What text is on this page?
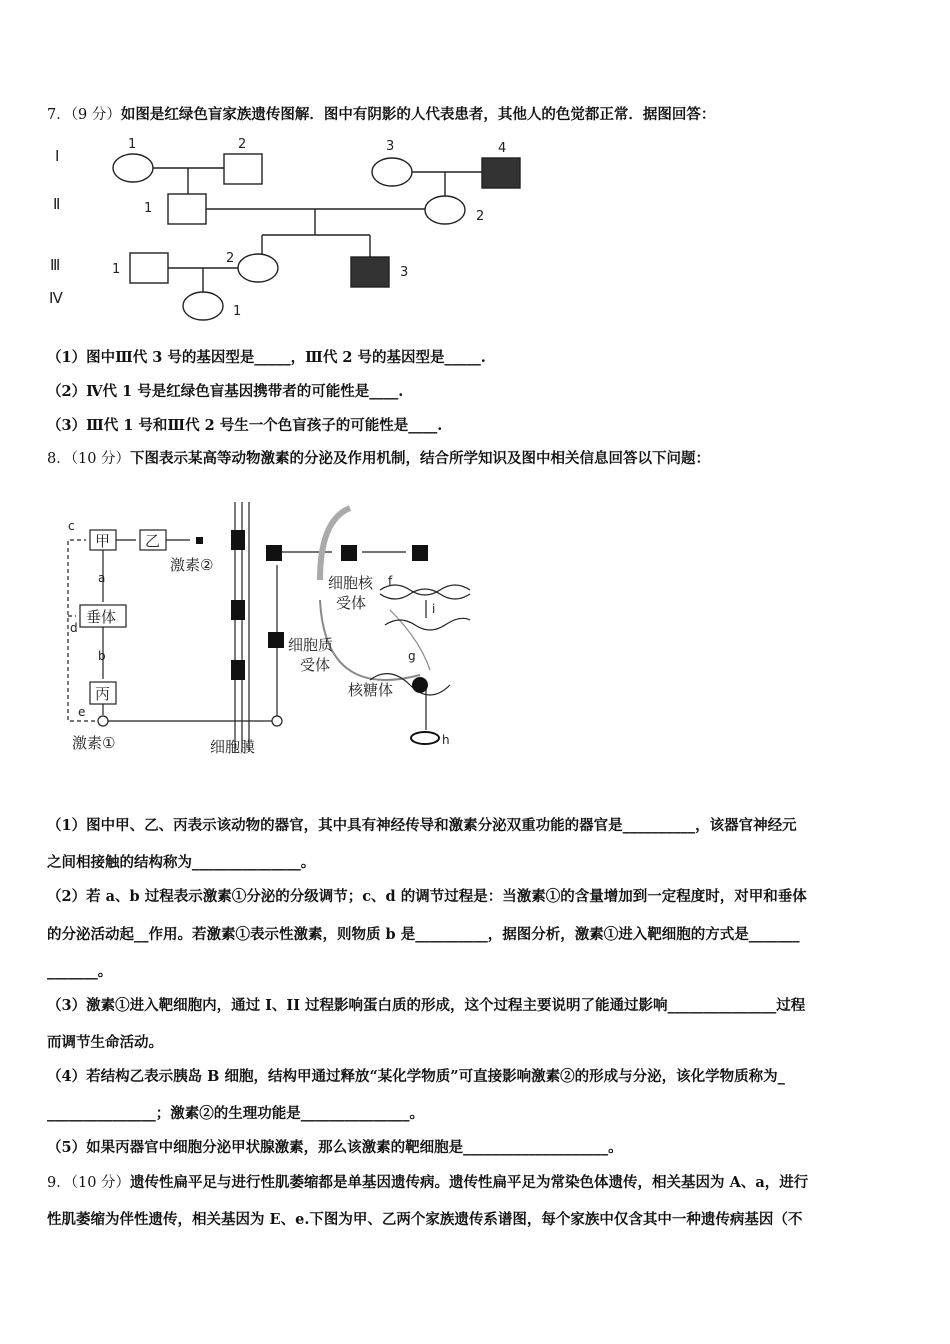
7．（9 分）如图是红绿色盲家族遗传图解．图中有阴影的人代表患者，其他人的色觉都正常．据图回答：
Ⅰ
Ⅱ
Ⅲ
Ⅳ
1	2	3	4
1
2
1
2
3
1
（1）图中Ⅲ代 3 号的基因型是_____，Ⅲ代 2 号的基因型是_____.
（2）Ⅳ代 1 号是红绿色盲基因携带者的可能性是____.
（3）Ⅲ代 1 号和Ⅲ代 2 号生一个色盲孩子的可能性是____.
8．（10 分）下图表示某高等动物激素的分泌及作用机制，结合所学知识及图中相关信息回答以下问题：
甲 乙
垂体
丙
激素②
激素①	细胞膜
细胞核
受体
细胞质
受体
核糖体
c
a
d
b
e
f
i
g
h
（1）图中甲、乙、丙表示该动物的器官，其中具有神经传导和激素分泌双重功能的器官是__________，该器官神经元
之间相接触的结构称为_______________。
（2）若 a、b 过程表示激素①分泌的分级调节；c、d 的调节过程是：当激素①的含量增加到一定程度时，对甲和垂体
的分泌活动起__作用。若激素①表示性激素，则物质 b 是__________，据图分析，激素①进入靶细胞的方式是_______
_______。
（3）激素①进入靶细胞内，通过 I、II 过程影响蛋白质的形成，这个过程主要说明了能通过影响_______________过程
而调节生命活动。
（4）若结构乙表示胰岛 B 细胞，结构甲通过释放“某化学物质”可直接影响激素②的形成与分泌，该化学物质称为_
_______________；激素②的生理功能是_______________。
（5）如果丙器官中细胞分泌甲状腺激素，那么该激素的靶细胞是____________________。
9．（10 分）遗传性扁平足与进行性肌萎缩都是单基因遗传病。遗传性扁平足为常染色体遗传，相关基因为 A、a，进行
性肌萎缩为伴性遗传，相关基因为 E、e.下图为甲、乙两个家族遗传系谱图，每个家族中仅含其中一种遗传病基因（不
